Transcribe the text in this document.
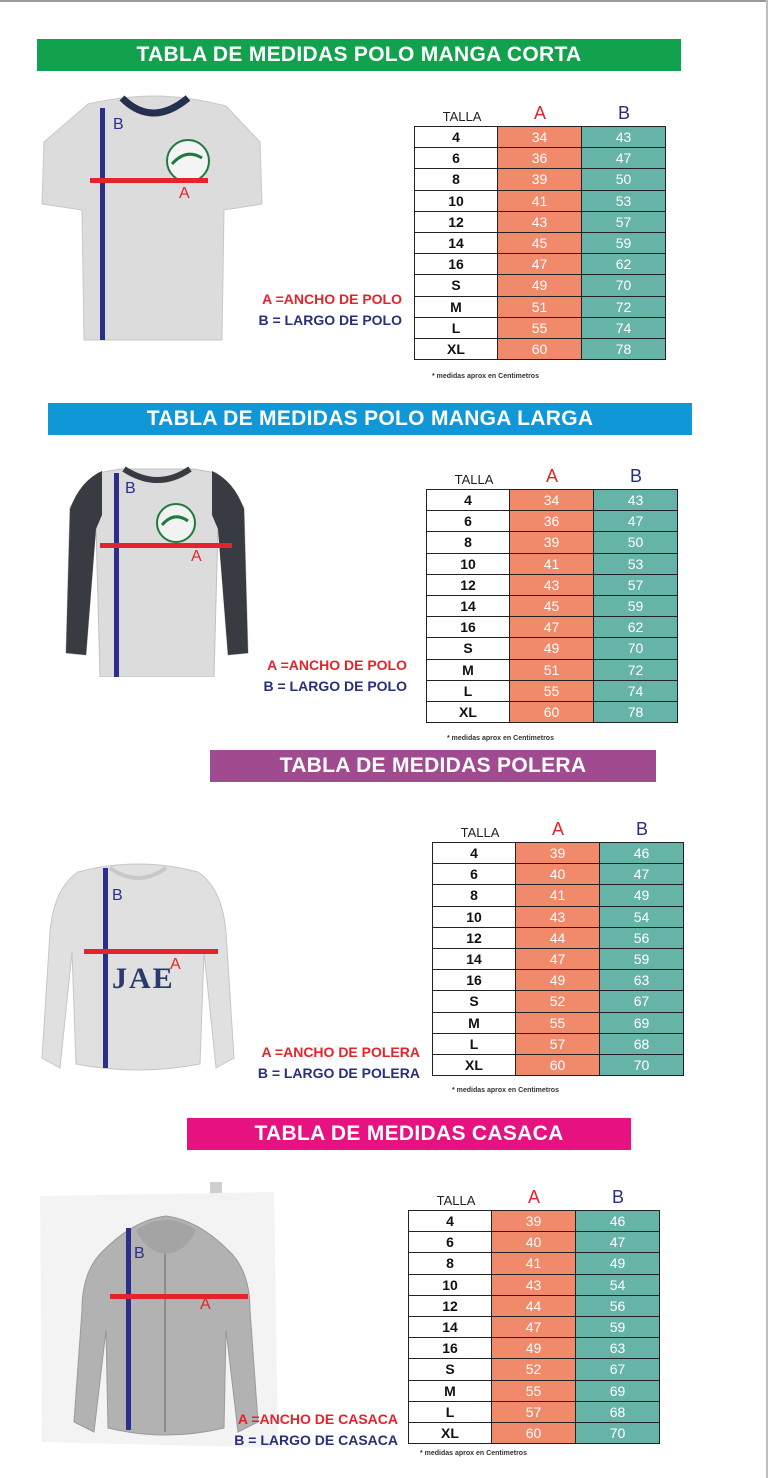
TABLA DE MEDIDAS POLO MANGA CORTA
B
A
A =ANCHO DE POLO
B = LARGO DE POLO
TALLA	A	B
4	34	43
6	36	47
8	39	50
10	41	53
12	43	57
14	45	59
16	47	62
S	49	70
M	51	72
L	55	74
XL	60	78
* medidas aprox en Centimetros
TABLA DE MEDIDAS POLO MANGA LARGA
B
A
A =ANCHO DE POLO
B = LARGO DE POLO
TALLA	A	B
4	34	43
6	36	47
8	39	50
10	41	53
12	43	57
14	45	59
16	47	62
S	49	70
M	51	72
L	55	74
XL	60	78
* medidas aprox en Centimetros
TABLA DE MEDIDAS POLERA
JAE
B
A
A =ANCHO DE POLERA
B = LARGO DE POLERA
TALLA	A	B
4	39	46
6	40	47
8	41	49
10	43	54
12	44	56
14	47	59
16	49	63
S	52	67
M	55	69
L	57	68
XL	60	70
* medidas aprox en Centimetros
TABLA DE MEDIDAS CASACA
B
A
A =ANCHO DE CASACA
B = LARGO DE CASACA
TALLA	A	B
4	39	46
6	40	47
8	41	49
10	43	54
12	44	56
14	47	59
16	49	63
S	52	67
M	55	69
L	57	68
XL	60	70
* medidas aprox en Centimetros
